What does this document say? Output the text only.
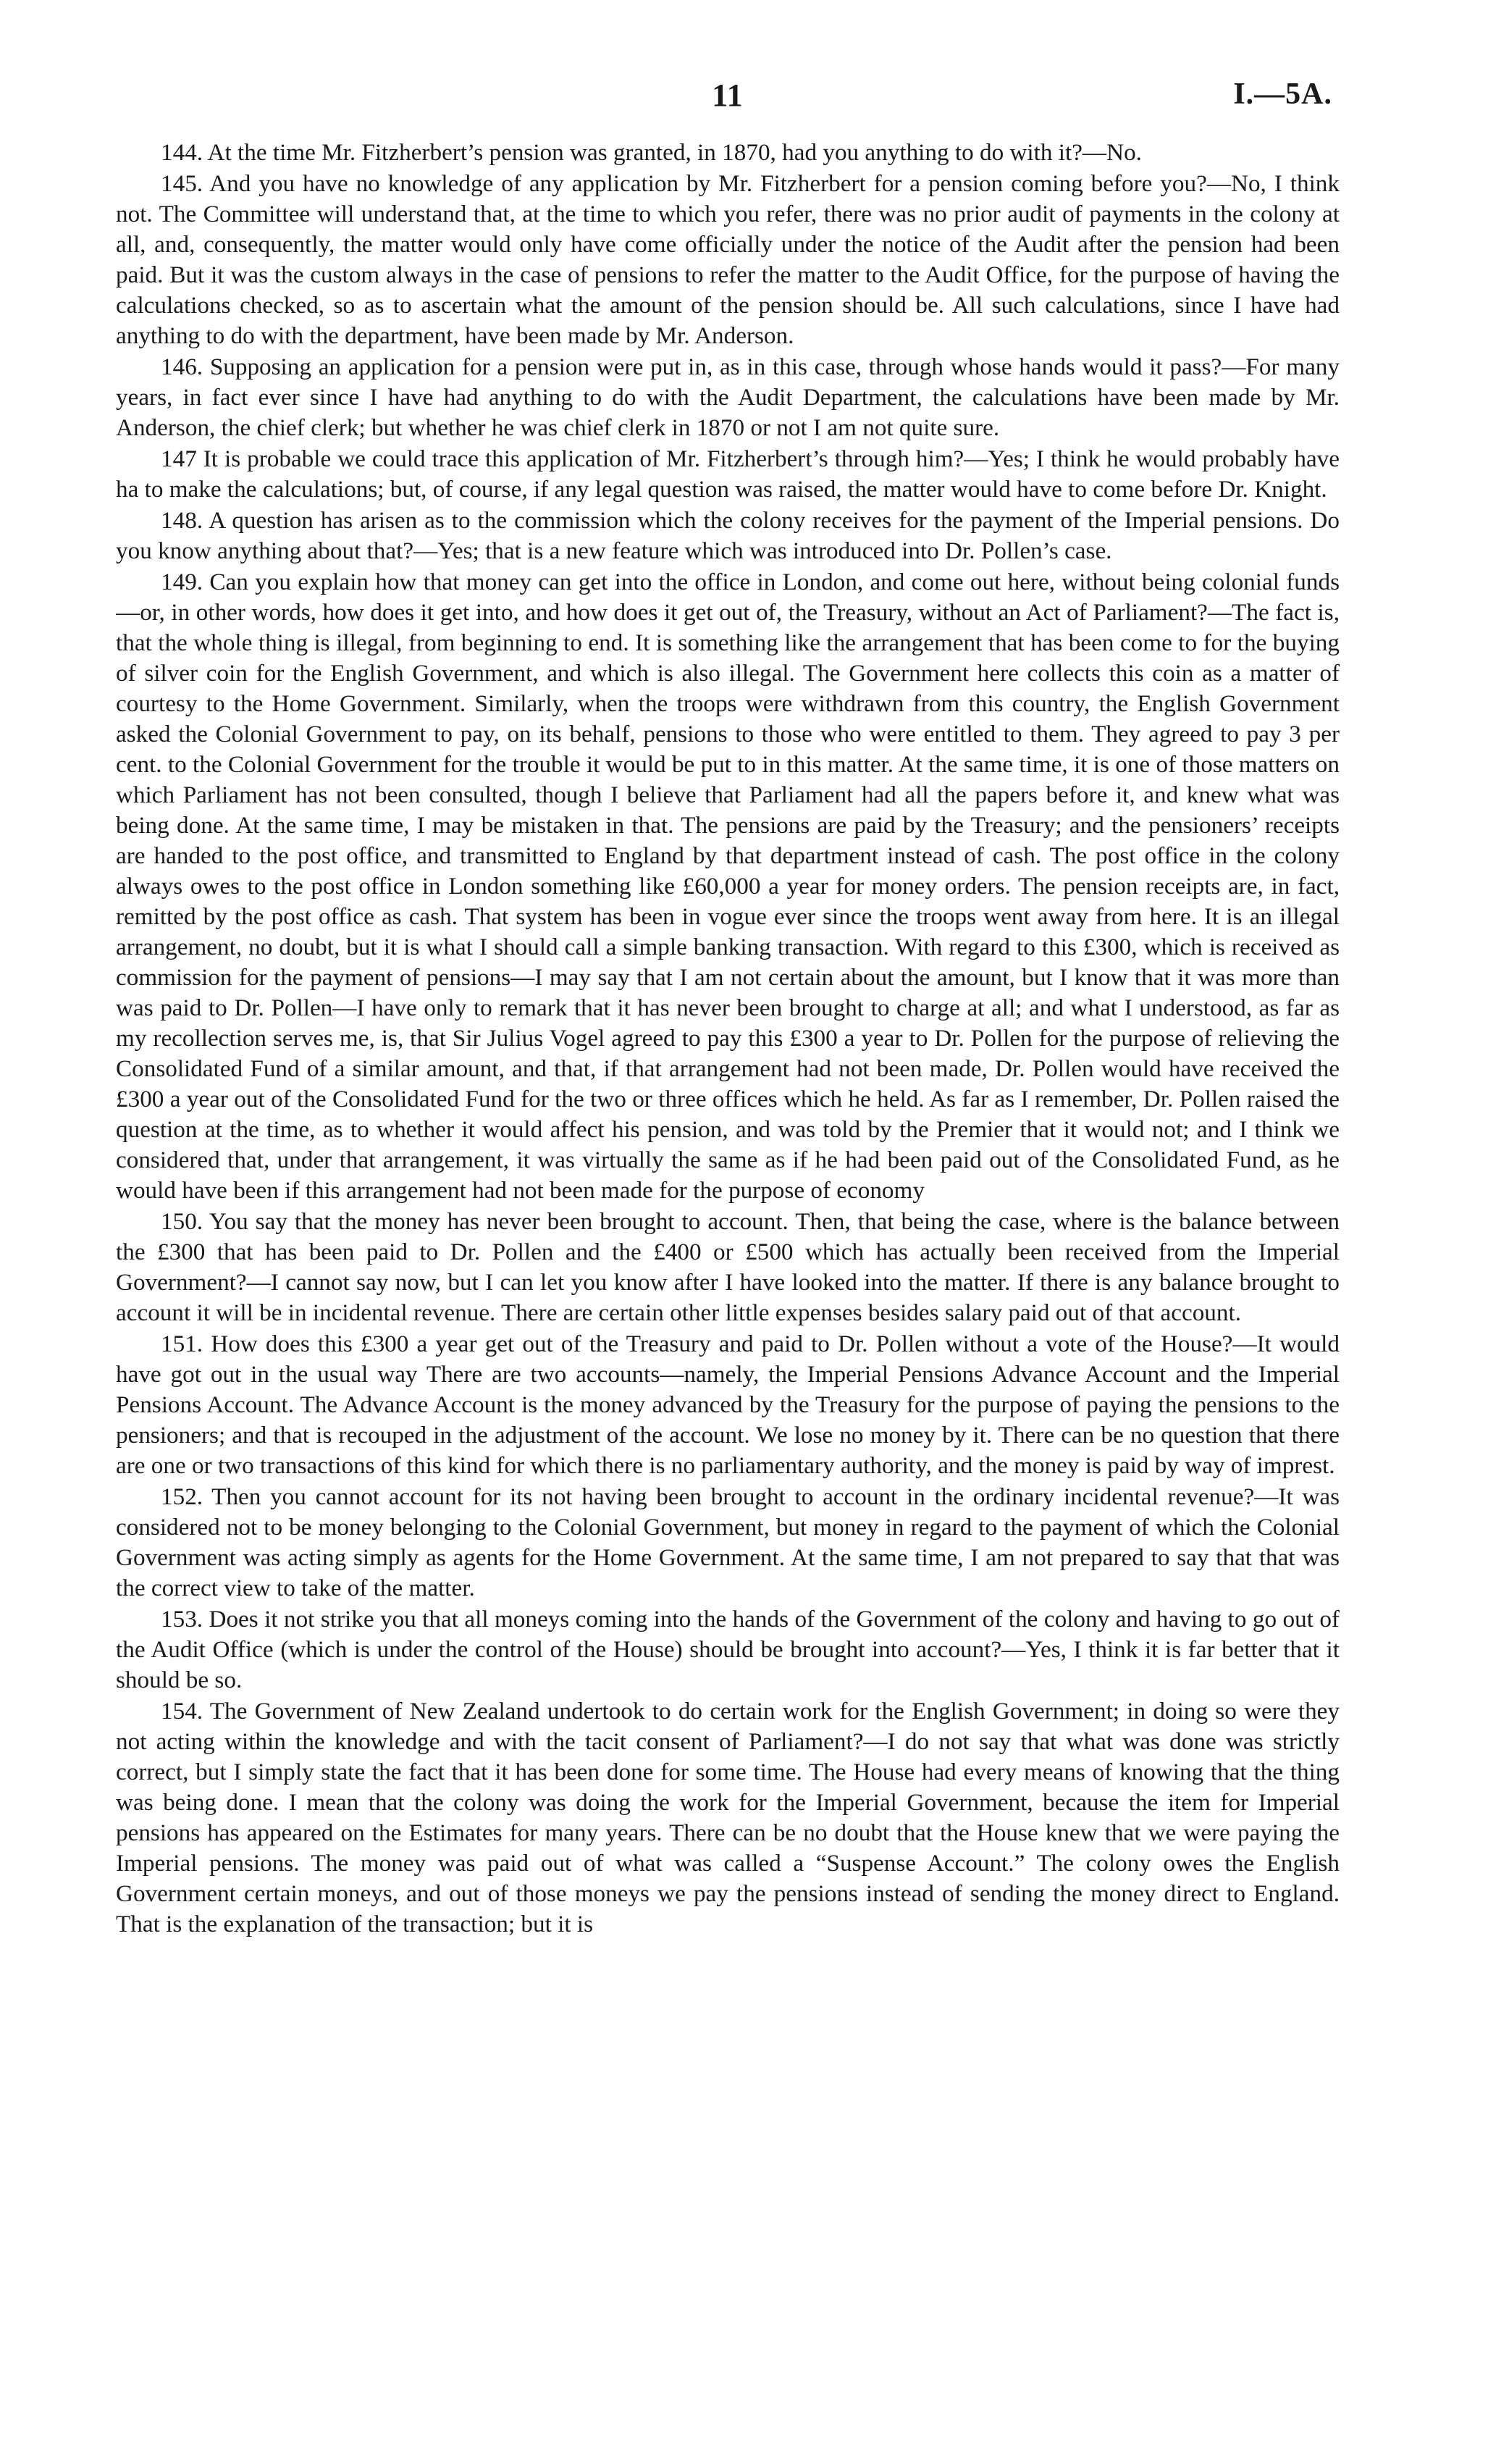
11	I.—5A.

144. At the time Mr. Fitzherbert’s pension was granted, in 1870, had you anything to do with it?—No.

145. And you have no knowledge of any application by Mr. Fitzherbert for a pension coming before you?—No, I think not. The Committee will understand that, at the time to which you refer, there was no prior audit of payments in the colony at all, and, consequently, the matter would only have come officially under the notice of the Audit after the pension had been paid. But it was the custom always in the case of pensions to refer the matter to the Audit Office, for the purpose of having the calculations checked, so as to ascertain what the amount of the pension should be. All such calculations, since I have had anything to do with the department, have been made by Mr. Anderson.

146. Supposing an application for a pension were put in, as in this case, through whose hands would it pass?—For many years, in fact ever since I have had anything to do with the Audit Department, the calculations have been made by Mr. Anderson, the chief clerk; but whether he was chief clerk in 1870 or not I am not quite sure.

147 It is probable we could trace this application of Mr. Fitzherbert’s through him?—Yes; I think he would probably have ha to make the calculations; but, of course, if any legal question was raised, the matter would have to come before Dr. Knight.

148. A question has arisen as to the commission which the colony receives for the payment of the Imperial pensions. Do you know anything about that?—Yes; that is a new feature which was introduced into Dr. Pollen’s case.

149. Can you explain how that money can get into the office in London, and come out here, without being colonial funds—or, in other words, how does it get into, and how does it get out of, the Treasury, without an Act of Parliament?—The fact is, that the whole thing is illegal, from beginning to end. It is something like the arrangement that has been come to for the buying of silver coin for the English Government, and which is also illegal. The Government here collects this coin as a matter of courtesy to the Home Government. Similarly, when the troops were withdrawn from this country, the English Government asked the Colonial Government to pay, on its behalf, pensions to those who were entitled to them. They agreed to pay 3 per cent. to the Colonial Government for the trouble it would be put to in this matter. At the same time, it is one of those matters on which Parliament has not been consulted, though I believe that Parliament had all the papers before it, and knew what was being done. At the same time, I may be mistaken in that. The pensions are paid by the Treasury; and the pensioners’ receipts are handed to the post office, and transmitted to England by that department instead of cash. The post office in the colony always owes to the post office in London something like £60,000 a year for money orders. The pension receipts are, in fact, remitted by the post office as cash. That system has been in vogue ever since the troops went away from here. It is an illegal arrangement, no doubt, but it is what I should call a simple banking transaction. With regard to this £300, which is received as commission for the payment of pensions—I may say that I am not certain about the amount, but I know that it was more than was paid to Dr. Pollen—I have only to remark that it has never been brought to charge at all; and what I understood, as far as my recollection serves me, is, that Sir Julius Vogel agreed to pay this £300 a year to Dr. Pollen for the purpose of relieving the Consolidated Fund of a similar amount, and that, if that arrangement had not been made, Dr. Pollen would have received the £300 a year out of the Consolidated Fund for the two or three offices which he held. As far as I remember, Dr. Pollen raised the question at the time, as to whether it would affect his pension, and was told by the Premier that it would not; and I think we considered that, under that arrangement, it was virtually the same as if he had been paid out of the Consolidated Fund, as he would have been if this arrangement had not been made for the purpose of economy

150. You say that the money has never been brought to account. Then, that being the case, where is the balance between the £300 that has been paid to Dr. Pollen and the £400 or £500 which has actually been received from the Imperial Government?—I cannot say now, but I can let you know after I have looked into the matter. If there is any balance brought to account it will be in incidental revenue. There are certain other little expenses besides salary paid out of that account.

151. How does this £300 a year get out of the Treasury and paid to Dr. Pollen without a vote of the House?—It would have got out in the usual way There are two accounts—namely, the Imperial Pensions Advance Account and the Imperial Pensions Account. The Advance Account is the money advanced by the Treasury for the purpose of paying the pensions to the pensioners; and that is recouped in the adjustment of the account. We lose no money by it. There can be no question that there are one or two transactions of this kind for which there is no parliamentary authority, and the money is paid by way of imprest.

152. Then you cannot account for its not having been brought to account in the ordinary incidental revenue?—It was considered not to be money belonging to the Colonial Government, but money in regard to the payment of which the Colonial Government was acting simply as agents for the Home Government. At the same time, I am not prepared to say that that was the correct view to take of the matter.

153. Does it not strike you that all moneys coming into the hands of the Government of the colony and having to go out of the Audit Office (which is under the control of the House) should be brought into account?—Yes, I think it is far better that it should be so.

154. The Government of New Zealand undertook to do certain work for the English Government; in doing so were they not acting within the knowledge and with the tacit consent of Parliament?—I do not say that what was done was strictly correct, but I simply state the fact that it has been done for some time. The House had every means of knowing that the thing was being done. I mean that the colony was doing the work for the Imperial Government, because the item for Imperial pensions has appeared on the Estimates for many years. There can be no doubt that the House knew that we were paying the Imperial pensions. The money was paid out of what was called a “Suspense Account.” The colony owes the English Government certain moneys, and out of those moneys we pay the pensions instead of sending the money direct to England. That is the explanation of the transaction; but it is
